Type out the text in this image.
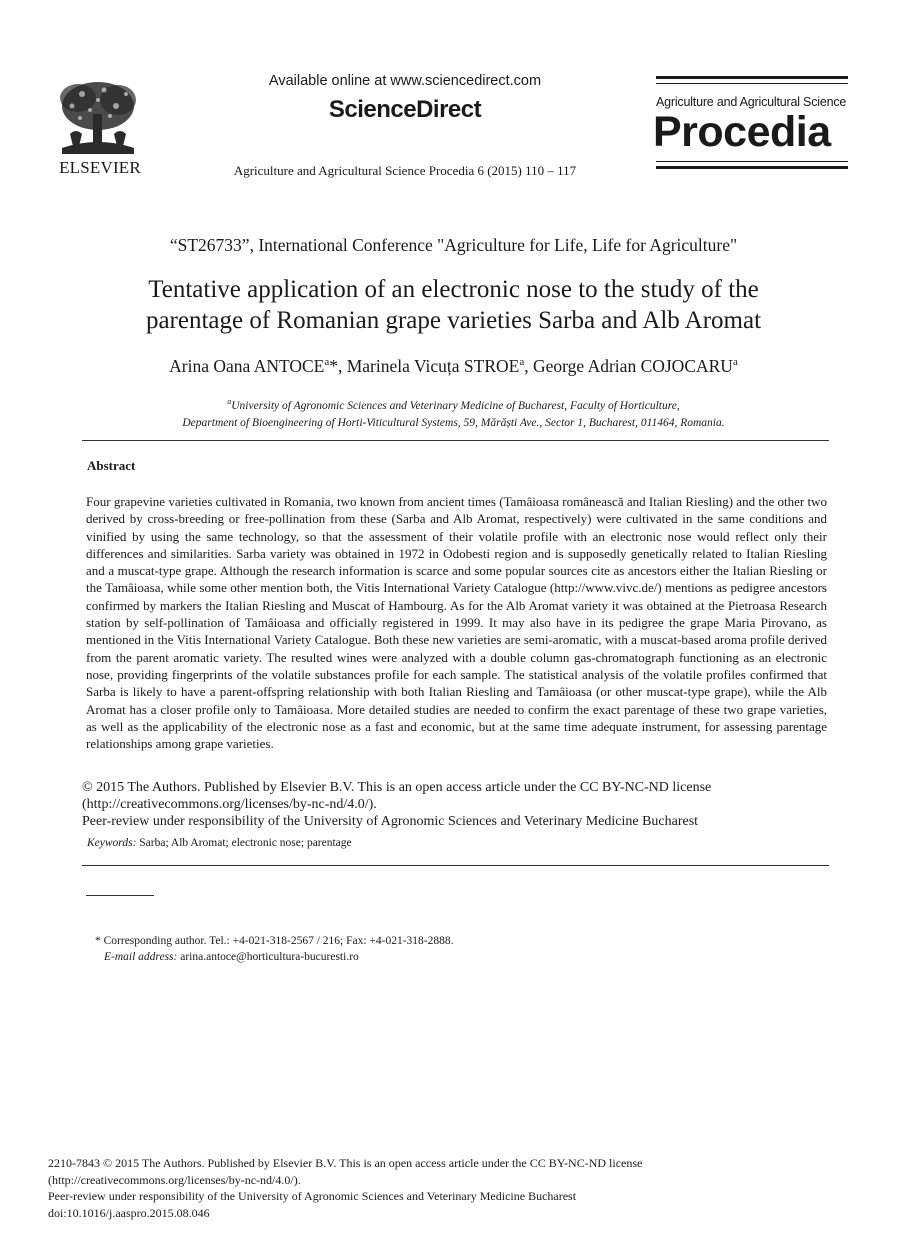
ELSEVIER
Available online at www.sciencedirect.com
ScienceDirect
Agriculture and Agricultural Science Procedia 6 (2015) 110 – 117
Agriculture and Agricultural Science
Procedia
“ST26733”, International Conference "Agriculture for Life, Life for Agriculture"
Tentative application of an electronic nose to the study of the
parentage of Romanian grape varieties Sarba and Alb Aromat
Arina Oana ANTOCE$^a$*, Marinela Vicuța STROE$^a$, George Adrian COJOCARU$^a$
$^a$University of Agronomic Sciences and Veterinary Medicine of Bucharest, Faculty of Horticulture,
Department of Bioengineering of Horti-Viticultural Systems, 59, Mărăști Ave., Sector 1, Bucharest, 011464, Romania.
Abstract
Four grapevine varieties cultivated in Romania, two known from ancient times (Tamâioasa românească and Italian Riesling) and the other two derived by cross-breeding or free-pollination from these (Sarba and Alb Aromat, respectively) were cultivated in the same conditions and vinified by using the same technology, so that the assessment of their volatile profile with an electronic nose would reflect only their differences and similarities. Sarba variety was obtained in 1972 in Odobesti region and is supposedly genetically related to Italian Riesling and a muscat-type grape. Although the research information is scarce and some popular sources cite as ancestors either the Italian Riesling or the Tamâioasa, while some other mention both, the Vitis International Variety Catalogue (http://www.vivc.de/) mentions as pedigree ancestors confirmed by markers the Italian Riesling and Muscat of Hambourg. As for the Alb Aromat variety it was obtained at the Pietroasa Research station by self-pollination of Tamâioasa and officially registered in 1999. It may also have in its pedigree the grape Maria Pirovano, as mentioned in the Vitis International Variety Catalogue. Both these new varieties are semi-aromatic, with a muscat-based aroma profile derived from the parent aromatic variety. The resulted wines were analyzed with a double column gas-chromatograph functioning as an electronic nose, providing fingerprints of the volatile substances profile for each sample. The statistical analysis of the volatile profiles confirmed that Sarba is likely to have a parent-offspring relationship with both Italian Riesling and Tamâioasa (or other muscat-type grape), while the Alb Aromat has a closer profile only to Tamâioasa. More detailed studies are needed to confirm the exact parentage of these two grape varieties, as well as the applicability of the electronic nose as a fast and economic, but at the same time adequate instrument, for assessing parentage relationships among grape varieties.
© 2015 The Authors. Published by Elsevier B.V. This is an open access article under the CC BY-NC-ND license
(http://creativecommons.org/licenses/by-nc-nd/4.0/).
Peer-review under responsibility of the University of Agronomic Sciences and Veterinary Medicine Bucharest
Keywords: Sarba; Alb Aromat; electronic nose; parentage
* Corresponding author. Tel.: +4-021-318-2567 / 216; Fax: +4-021-318-2888.
E-mail address: arina.antoce@horticultura-bucuresti.ro
2210-7843 © 2015 The Authors. Published by Elsevier B.V. This is an open access article under the CC BY-NC-ND license
(http://creativecommons.org/licenses/by-nc-nd/4.0/).
Peer-review under responsibility of the University of Agronomic Sciences and Veterinary Medicine Bucharest
doi:10.1016/j.aaspro.2015.08.046
